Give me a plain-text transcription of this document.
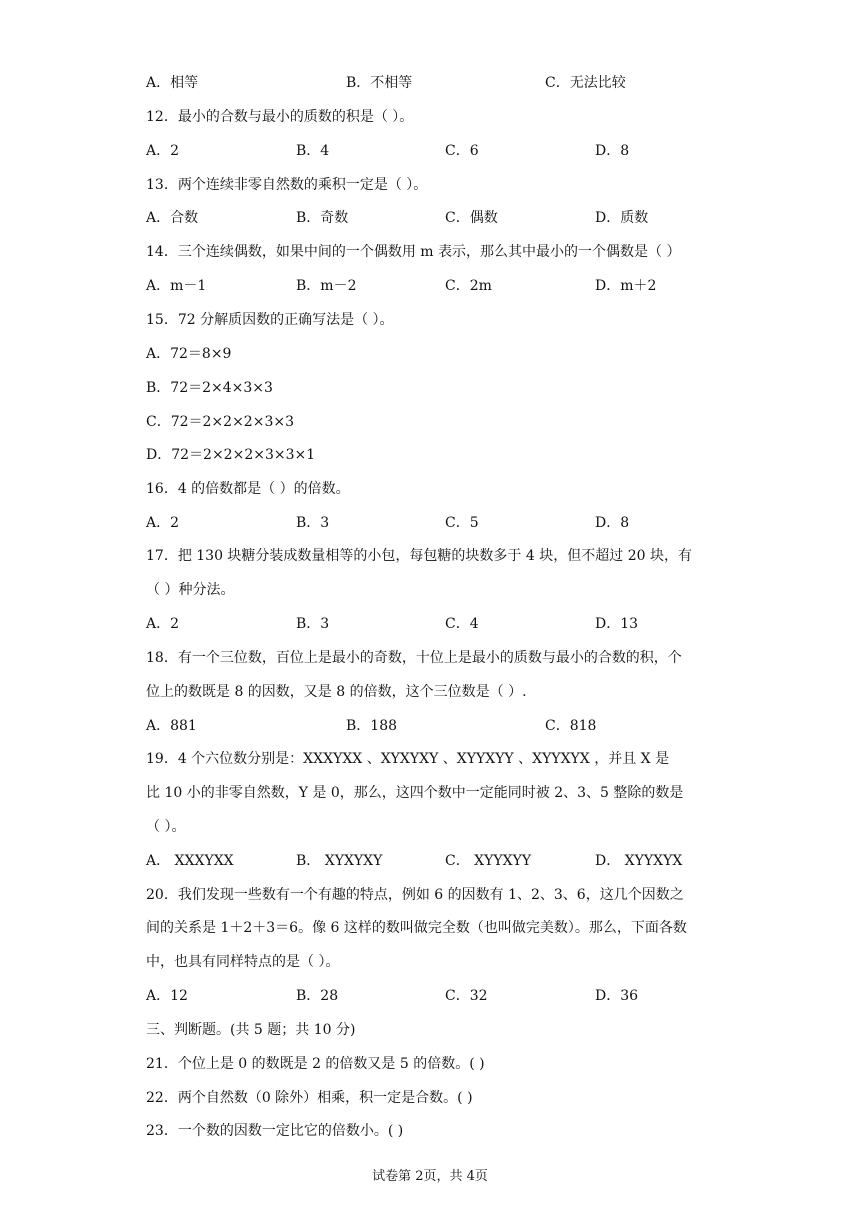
A．相等	B．不相等	C．无法比较
12．最小的合数与最小的质数的积是（ ）。
A．2	B．4	C．6	D．8
13．两个连续非零自然数的乘积一定是（ ）。
A．合数	B．奇数	C．偶数	D．质数
14．三个连续偶数，如果中间的一个偶数用 m 表示，那么其中最小的一个偶数是（ ）
A．m－1	B．m－2	C．2m	D．m＋2
15．72 分解质因数的正确写法是（ ）。
A．72＝8×9
B．72＝2×4×3×3
C．72＝2×2×2×3×3
D．72＝2×2×2×3×3×1
16．4 的倍数都是（ ）的倍数。
A．2	B．3	C．5	D．8
17．把 130 块糖分装成数量相等的小包，每包糖的块数多于 4 块，但不超过 20 块，有
（ ）种分法。
A．2	B．3	C．4	D．13
18．有一个三位数，百位上是最小的奇数，十位上是最小的质数与最小的合数的积，个
位上的数既是 8 的因数，又是 8 的倍数，这个三位数是（ ）.
A．881	B．188	C．818
19．4 个六位数分别是：XXXYXX 、XYXYXY 、XYYXYY 、XYYXYX ，并且 X 是
比 10 小的非零自然数，Y 是 0，那么，这四个数中一定能同时被 2、3、5 整除的数是
（ ）。
A． XXXYXX	B． XYXYXY	C． XYYXYY	D． XYYXYX
20．我们发现一些数有一个有趣的特点，例如 6 的因数有 1、2、3、6，这几个因数之
间的关系是 1＋2＋3＝6。像 6 这样的数叫做完全数（也叫做完美数）。那么，下面各数
中，也具有同样特点的是（ ）。
A．12	B．28	C．32	D．36
三、判断题。(共 5 题；共 10 分)
21．个位上是 0 的数既是 2 的倍数又是 5 的倍数。( )
22．两个自然数（0 除外）相乘，积一定是合数。( )
23．一个数的因数一定比它的倍数小。( )
试卷第 2页，共 4页
